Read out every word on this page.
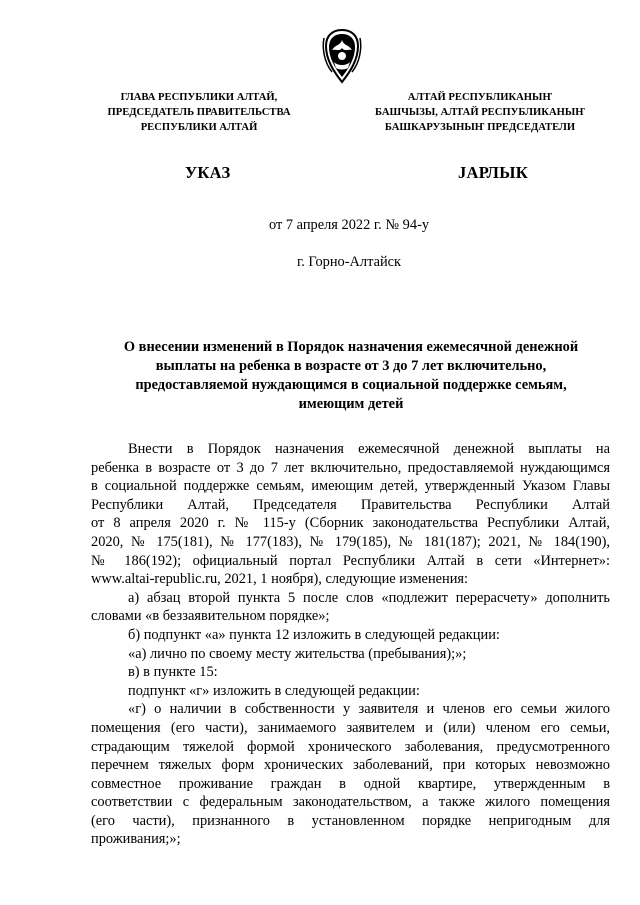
ГЛАВА РЕСПУБЛИКИ АЛТАЙ,
ПРЕДСЕДАТЕЛЬ ПРАВИТЕЛЬСТВА
РЕСПУБЛИКИ АЛТАЙ
АЛТАЙ РЕСПУБЛИКАНЫҤ
БАШЧЫЗЫ, АЛТАЙ РЕСПУБЛИКАНЫҤ
БАШКАРУЗЫНЫҤ ПРЕДСЕДАТЕЛИ
УКАЗ	JАРЛЫК
от 7 апреля 2022 г. № 94-у
г. Горно-Алтайск
О внесении изменений в Порядок назначения ежемесячной денежной
выплаты на ребенка в возрасте от 3 до 7 лет включительно,
предоставляемой нуждающимся в социальной поддержке семьям,
имеющим детей

Внести в Порядок назначения ежемесячной денежной выплаты на
ребенка в возрасте от 3 до 7 лет включительно, предоставляемой нуждающимся
в социальной поддержке семьям, имеющим детей, утвержденный Указом Главы
Республики Алтай, Председателя Правительства Республики Алтай
от 8 апреля 2020 г. № 115-у (Сборник законодательства Республики Алтай,
2020, № 175(181), № 177(183), № 179(185), № 181(187); 2021, № 184(190),
№ 186(192); официальный портал Республики Алтай в сети «Интернет»:
www.altai-republic.ru, 2021, 1 ноября), следующие изменения:

а) абзац второй пункта 5 после слов «подлежит перерасчету» дополнить
словами «в беззаявительном порядке»;

б) подпункт «а» пункта 12 изложить в следующей редакции:

«а) лично по своему месту жительства (пребывания);»;

в) в пункте 15:

подпункт «г» изложить в следующей редакции:

«г) о наличии в собственности у заявителя и членов его семьи жилого
помещения (его части), занимаемого заявителем и (или) членом его семьи,
страдающим тяжелой формой хронического заболевания, предусмотренного
перечнем тяжелых форм хронических заболеваний, при которых невозможно
совместное проживание граждан в одной квартире, утвержденным в
соответствии с федеральным законодательством, а также жилого помещения
(его части), признанного в установленном порядке непригодным для
проживания;»;
